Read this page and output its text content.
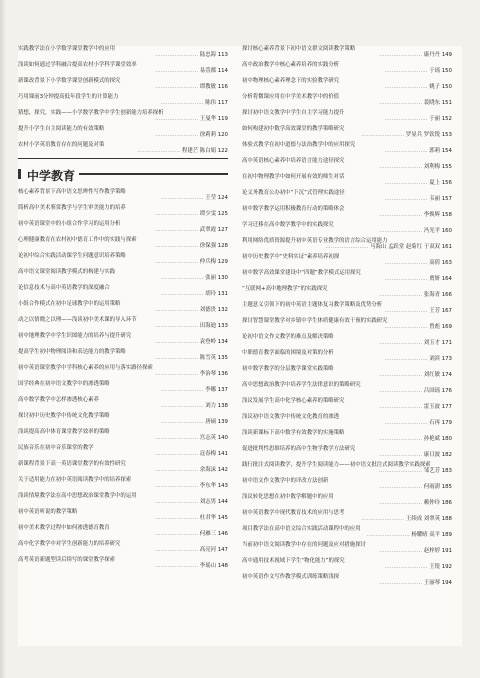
实践教学法在小学数学课堂教学中的应用
…………………… 陆忠海 113
浅谈如何通过学科融合提高农村小学科学课堂效率
…………………… 易萱都 114
新课改背景下小学数学课堂创新模式的探究
…………………… 谭教敏 116
巧用课前3分钟提高低年段学生的计算能力
…………………… 陈伟 117
猜想，探究，实践——小学数学教学中学生创新能力培养探析
…………………… 王曼华 119
提升小学生自主阅读能力的有效策略
…………………… 徐莉莉 120
农村小学英语教育存在的问题及对策
…………………… 程建芒 陈白娟 122
中学教育
核心素养背景下高中语文思辨性写作教学策略
…………………… 王莹 124
简析高中美术鉴赏教学与学生审美能力的培养
…………………… 谭少雯 125
初中英语课堂中的小组合作学习的运用分析
…………………… 武翠霞 127
心理健康教育在农村初中德育工作中的实践与探索
…………………… 徐保强 128
论初中综合实践活动课学生问题意识培养策略
…………………… 仲兵梅 129
高中语文课堂阅读教学模式的构建与实践
…………………… 张丽 130
论信息技术与高中英语教学的深度融合
…………………… 胡玲 131
小组合作模式在初中足球教学中的运用策略
…………………… 刘德贵 132
动之以情晓之以理——浅谈初中美术课的导入环节
…………………… 田海迪 133
初中地理教学中学生识图能力的培养与提升研究
…………………… 袁登岭 134
提高学生初中物理阅读和表达能力的教学策略
…………………… 陈雪英 135
初中英语课堂教学中学科核心素养的应用与落实路径探索
…………………… 李治琴 136
国学经典在初中语文教学中的渗透策略
…………………… 李娜 137
高中数学教学中怎样渗透核心素养
…………………… 刘力 138
探讨初中历史教学中传统文化教学策略
…………………… 唐硕 139
浅谈提高高中体育课堂教学效率的策略
…………………… 宫志英 140
民族音乐在初中音乐课堂的教学
…………………… 寇春梅 141
新课程背景下高一英语课堂教学的有效性研究
…………………… 余海沫 142
关于适用能力在初中英语阅读教学中的培养探索
…………………… 李东华 143
浅谈情境教学法在高中思想政治课堂教学中的运用
…………………… 刘志男 144
初中英语听说的教学策略
…………………… 杜君华 145
初中美术教学过程中如何渗透德育教育
…………………… 何雁三 146
高中化学教学中对学生创新能力的培养研究
…………………… 高亮河 147
高考英语新题型读后续写的课堂教学探索
…………………… 李瑶山 148
探讨核心素养背景下初中语文群文阅读教学策略
…………………… 康丹丹 149
高中政治教学中核心素养培养的实践分析
…………………… 于瑶 150
初中物理核心素养理念下的实验教学研究
…………………… 姚子 150
分析将微课应用在中学美术教学中的价值
…………………… 裴晓东 151
探讨初中语文教学中学生自主学习能力提升
…………………… 于丽 152
如何构建初中数学高效课堂的教学策略研究
…………………… 罗显兵 罗钦锐 153
体验式教学在初中道德与法治教学中的应用探究
…………………… 郭莉 154
高中英语核心素养中培养语言能力途径探究
…………………… 刘利梅 155
在初中物理教学中如何开展有效的师生对话
…………………… 夏上 156
论义务教育公办初中“下沉”式管理实践途径
…………………… 韦丽 157
初中数学教学运用积极教育行动的策略体会
…………………… 李焕辉 158
学习迁移在高中数学教学中的实践探究
…………………… 冯光平 160
利用网络优质资源提升初中英语专业教学的语言综合运用能力
…………………… 马海山 孟跃堂 赵菊红 于双双 161
初中历史教学中“史料实证”素养培养初探
…………………… 高倩 163
初中数学高效课堂建设中“四题”教学模式运用探究
…………………… 贾妍 164
“互联网+高中地理教学”的实践探究
…………………… 张海青 166
主题意义引领下的初中英语主题体复习教学策略及优势分析
…………………… 王芳 167
探讨智慧课堂教学对乡镇中学生体质健康有效干预的实践研究
…………………… 曾彪 169
论初中语文作文教学的难点及解决策略
…………………… 刘玉才 171
中职德育教学面临的困境及对策的分析
…………………… 刘滨 173
初中数学教学的分层教学课堂实践策略
…………………… 刘红敏 174
高中思想政治教学中培养学生法律意识的策略研究
…………………… 吕国瑶 176
浅议发展学生高中化学核心素养的策略研究
…………………… 雷玉波 177
浅议初中语文教学中传统文化教育的渗透
…………………… 石再 179
浅谈新课标下高中数学有效教学的实施策略
…………………… 孙艳斌 180
促进批判性思维培养的高中生物学教学方法研究
…………………… 康日波 182
践行批注式阅读教学，提升学生阅读能力——初中语文批注式阅读教学实践探索
…………………… 邹艺芳 183
初中语文作文教学中的评改方法创新
…………………… 何雨澍 185
浅议转化思想在初中数学解题中的应用
…………………… 赖仲玲 186
初中英语教学中现代教育技术的应用与思考
…………………… 王续成 刘翠英 188
项目教学法在高中语文综合实践活动课程中的应用
…………………… 杨耀晴 高平 189
当前初中语文阅读教学中存在的问题及应对措施探讨
…………………… 赵梓婷 191
高中通用技术视域下学生“物化能力”的探究
…………………… 王锐 192
初中英语作文写作教学模式训练策略浅探
…………………… 王丽琴 194
